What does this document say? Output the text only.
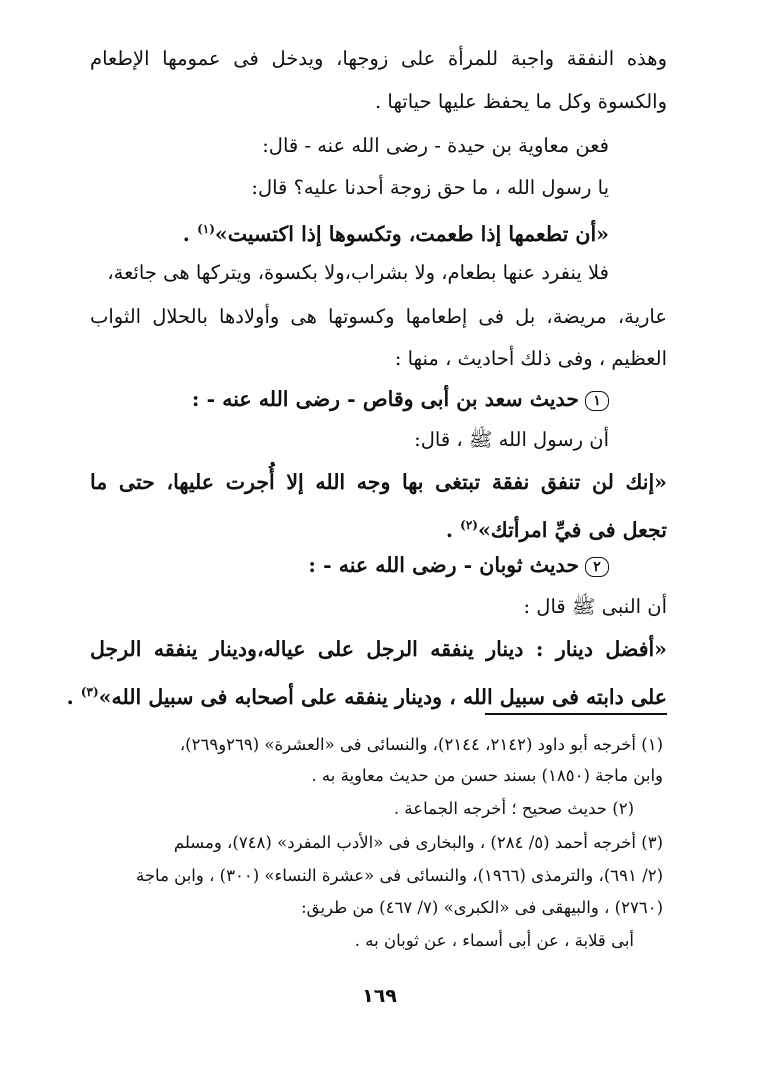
وهذه النفقة واجبة للمرأة على زوجها، ويدخل فى عمومها الإطعام
والكسوة وكل ما يحفظ عليها حياتها .
فعن معاوية بن حيدة - رضى الله عنه - قال:
يا رسول الله ، ما حق زوجة أحدنا عليه؟ قال:
«أن تطعمها إذا طعمت، وتكسوها إذا اكتسيت»$^{(١)}$ .
فلا ينفرد عنها بطعام، ولا بشراب،ولا بكسوة، ويتركها هى جائعة،
عارية، مريضة، بل فى إطعامها وكسوتها هى وأولادها بالحلال الثواب
العظيم ، وفى ذلك أحاديث ، منها :
١حديث سعد بن أبى وقاص - رضى الله عنه - :
أن رسول الله ﷺ ، قال:
«إنك لن تنفق نفقة تبتغى بها وجه الله إلا أُجرت عليها، حتى ما
تجعل فى فيِّ امرأتك»$^{(٢)}$ .
٢حديث ثوبان - رضى الله عنه - :
أن النبى ﷺ قال :
«أفضل دينار : دينار ينفقه الرجل على عياله،ودينار ينفقه الرجل
على دابته فى سبيل الله ، ودينار ينفقه على أصحابه فى سبيل الله»$^{(٣)}$ .
(١) أخرجه أبو داود (٢١٤٢، ٢١٤٤)، والنسائى فى «العشرة» (٢٦٩و٢٦٩)،
وابن ماجة (١٨٥٠) بسند حسن من حديث معاوية به .
(٢) حديث صحيح ؛ أخرجه الجماعة .
(٣) أخرجه أحمد (٥/ ٢٨٤) ، والبخارى فى «الأدب المفرد» (٧٤٨)، ومسلم
(٢/ ٦٩١)، والترمذى (١٩٦٦)، والنسائى فى «عشرة النساء» (٣٠٠) ، وابن ماجة
(٢٧٦٠) ، والبيهقى فى «الكبرى» (٧/ ٤٦٧) من طريق:
أبى قلابة ، عن أبى أسماء ، عن ثوبان به .
١٦٩
